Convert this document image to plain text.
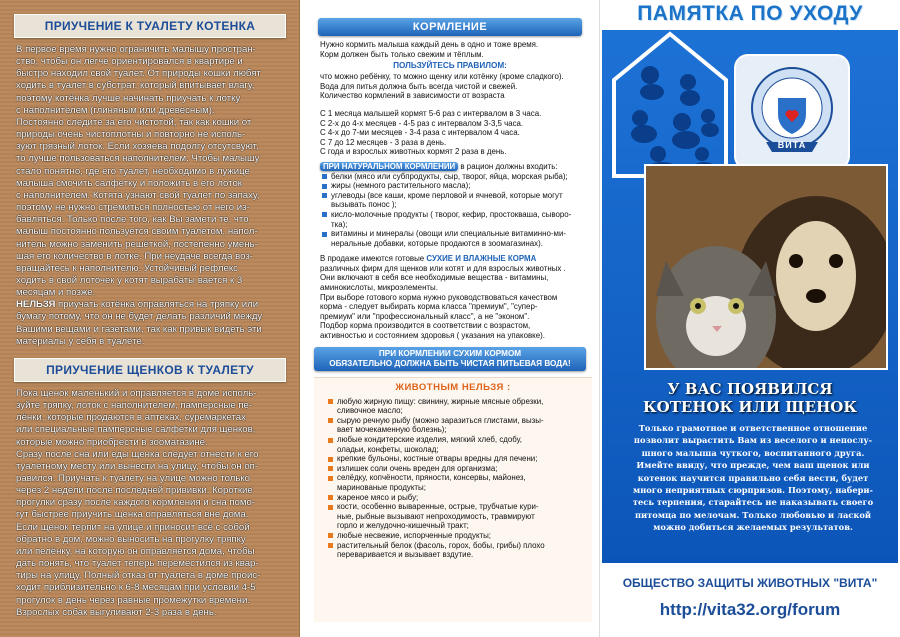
ПРИУЧЕНИЕ К ТУАЛЕТУ КОТЕНКА
В первое время нужно ограничить малышу простран-
ство, чтобы он легче ориентировался в квартире и
быстро находил свой туалет. От природы кошки любят
ходить в туалет в субстрат, который впитывает влагу,
поэтому котёнка лучше начинать приучать к лотку
с наполнителем (глиняным или древесным).
Постоянно следите за его чистотой, так как кошки от
природы очень чистоплотны и повторно не исполь-
зуют грязный лоток. Если хозяева подолгу отсутсвуют,
то лучше пользоваться наполнителем. Чтобы малышу
стало понятно, где его туалет, необходимо в лужице
малыша смочить салфетку и положить в его лоток
с наполнителем. Котята узнают свой туалет по запаху,
поэтому не нужно стремиться полностью от него из-
бавляться. Только после того, как Вы замети те, что
малыш постоянно пользуется своим туалетом, напол-
нитель можно заменить решёткой, постепенно умень-
шая его количество в лотке. При неудаче всегда воз-
вращайтесь к наполнителю. Устойчивый рефлекс
ходить в свой лоточек у котят вырабаты вается к 3
месяцам и позже.
НЕЛЬЗЯ приучать котёнка оправляться на тряпку или
бумагу потому, что он не будет делать различий между
Вашими вещами и газетами, так как привык видеть эти
материалы у себя в туалете.
ПРИУЧЕНИЕ ЩЕНКОВ К ТУАЛЕТУ
Пока щенок маленький и оправляется в доме исполь-
зуйте тряпку, лоток с наполнителем, памперсные пе-
лёнки, которые продаются в аптеках, суремаркетах
или специальные памперсные салфетки для щенков,
которые можно приобрести в зоомагазине.
Сразу после сна или еды щенка следует отнести к его
туалетному месту или вынести на улицу, чтобы он оп-
равился. Приучать к туалету на улице можно только
через 2 недели после последней прививки. Короткие
прогулки сразу после каждого кормления и сна помо-
гут быстрее приучить щенка оправляться вне дома.
Если щенок терпит на улице и приносит всё с собой
обратно в дом, можно выносить на прогулку тряпку
или пелёнку, на которую он оправляется дома, чтобы
дать понять, что туалет теперь переместился из квар-
тиры на улицу. Полный отказ от туалета в доме проис-
ходит приблизительно к 6-8 месяцам при условии 4-5
прогулок в день через равные промежутки времени.
Взрослых собак выгуливают 2-3 раза в день.
КОРМЛЕНИЕ
Нужно кормить малыша каждый день в одно и тоже время.
Корм должен быть только свежим и тёплым.
ПОЛЬЗУЙТЕСЬ ПРАВИЛОМ:
что можно ребёнку, то можно щенку или котёнку (кроме сладкого).
Вода для питья должна быть всегда чистой и свежей.
Количество кормлений в зависимости от возраста
С 1 месяца малышей кормят 5-6 раз с интервалом в 3 часа.
С 2-х до 4-х месяцев - 4-5 раз с интервалом 3-3,5 часа.
С 4-х до 7-ми месяцев - 3-4 раза с интервалом 4 часа.
С 7 до 12 месяцев - 3 раза в день.
С года и взрослых животных кормят 2 раза в день.
ПРИ НАТУРАЛЬНОМ КОРМЛЕНИИ в рацион должны входить:
белки (мясо или субпродукты, сыр, творог, яйца, морская рыба);
жиры (немного растительного масла);
углеводы (все каши, кроме перловой и ячневой, которые могут
вызывать понос );
кисло-молочные продукты ( творог, кефир, простокваша, сыворо-
тка);
витамины и минералы (овощи или специальные витаминно-ми-
неральные добавки, которые продаются в зоомагазинах).
В продаже имеются готовые СУХИЕ И ВЛАЖНЫЕ КОРМА
различных фирм для щенков или котят и для взрослых животных .
Они включают в себя все необходимые вещества - витамины,
аминокислоты, микроэлементы.
При выборе готового корма нужно руководствоваться качеством
корма - следует выбирать корма класса "премиум", "супер-
премиум" или "профессиональный класс", а не "эконом".
Подбор корма производится в соответствии с возрастом,
активностью и состоянием здоровья ( указания на упаковке).
ПРИ КОРМЛЕНИИ СУХИМ КОРМОМ
ОБЯЗАТЕЛЬНО ДОЛЖНА БЫТЬ ЧИСТАЯ ПИТЬЕВАЯ ВОДА!
ЖИВОТНЫМ НЕЛЬЗЯ :
любую жирную пищу: свинину, жирные мясные обрезки,
сливочное масло;
сырую речную рыбу (можно заразиться глистами, вызы-
вает мочекаменную болезнь);
любые кондитерские изделия, мягкий хлеб, сдобу,
оладьи, конфеты, шоколад;
крепкие бульоны, костные отвары вредны для печени;
излишек соли очень вреден для организма;
селёдку, копчёности, пряности, консервы, майонез,
маринованые продукты;
жареное мясо и рыбу;
кости, особенно вываренные, острые, трубчатые кури-
ные, рыбные вызывают непроходимость, травмируют
горло и желудочно-кишечный тракт;
любые несвежие, испорченные продукты;
растительный белок (фасоль, горох, бобы, грибы) плохо
переваривается и вызывает вздутие.
ПАМЯТКА ПО УХОДУ
ВИТА
У ВАС ПОЯВИЛСЯ
КОТЕНОК ИЛИ ЩЕНОК
Только грамотное и ответственное отношение
позволит вырастить Вам из веселого и непослу-
шного малыша чуткого, воспитанного друга.
Имейте ввиду, что прежде, чем ваш щенок или
котенок научится правильно себя вести, будет
много неприятных сюрпризов. Поэтому, набери-
тесь терпения, старайтесь не наказывать своего
питомца по мелочам. Только любовью и лаской
можно добиться желаемых результатов.
ОБЩЕСТВО ЗАЩИТЫ ЖИВОТНЫХ "ВИТА"
http://vita32.org/forum
